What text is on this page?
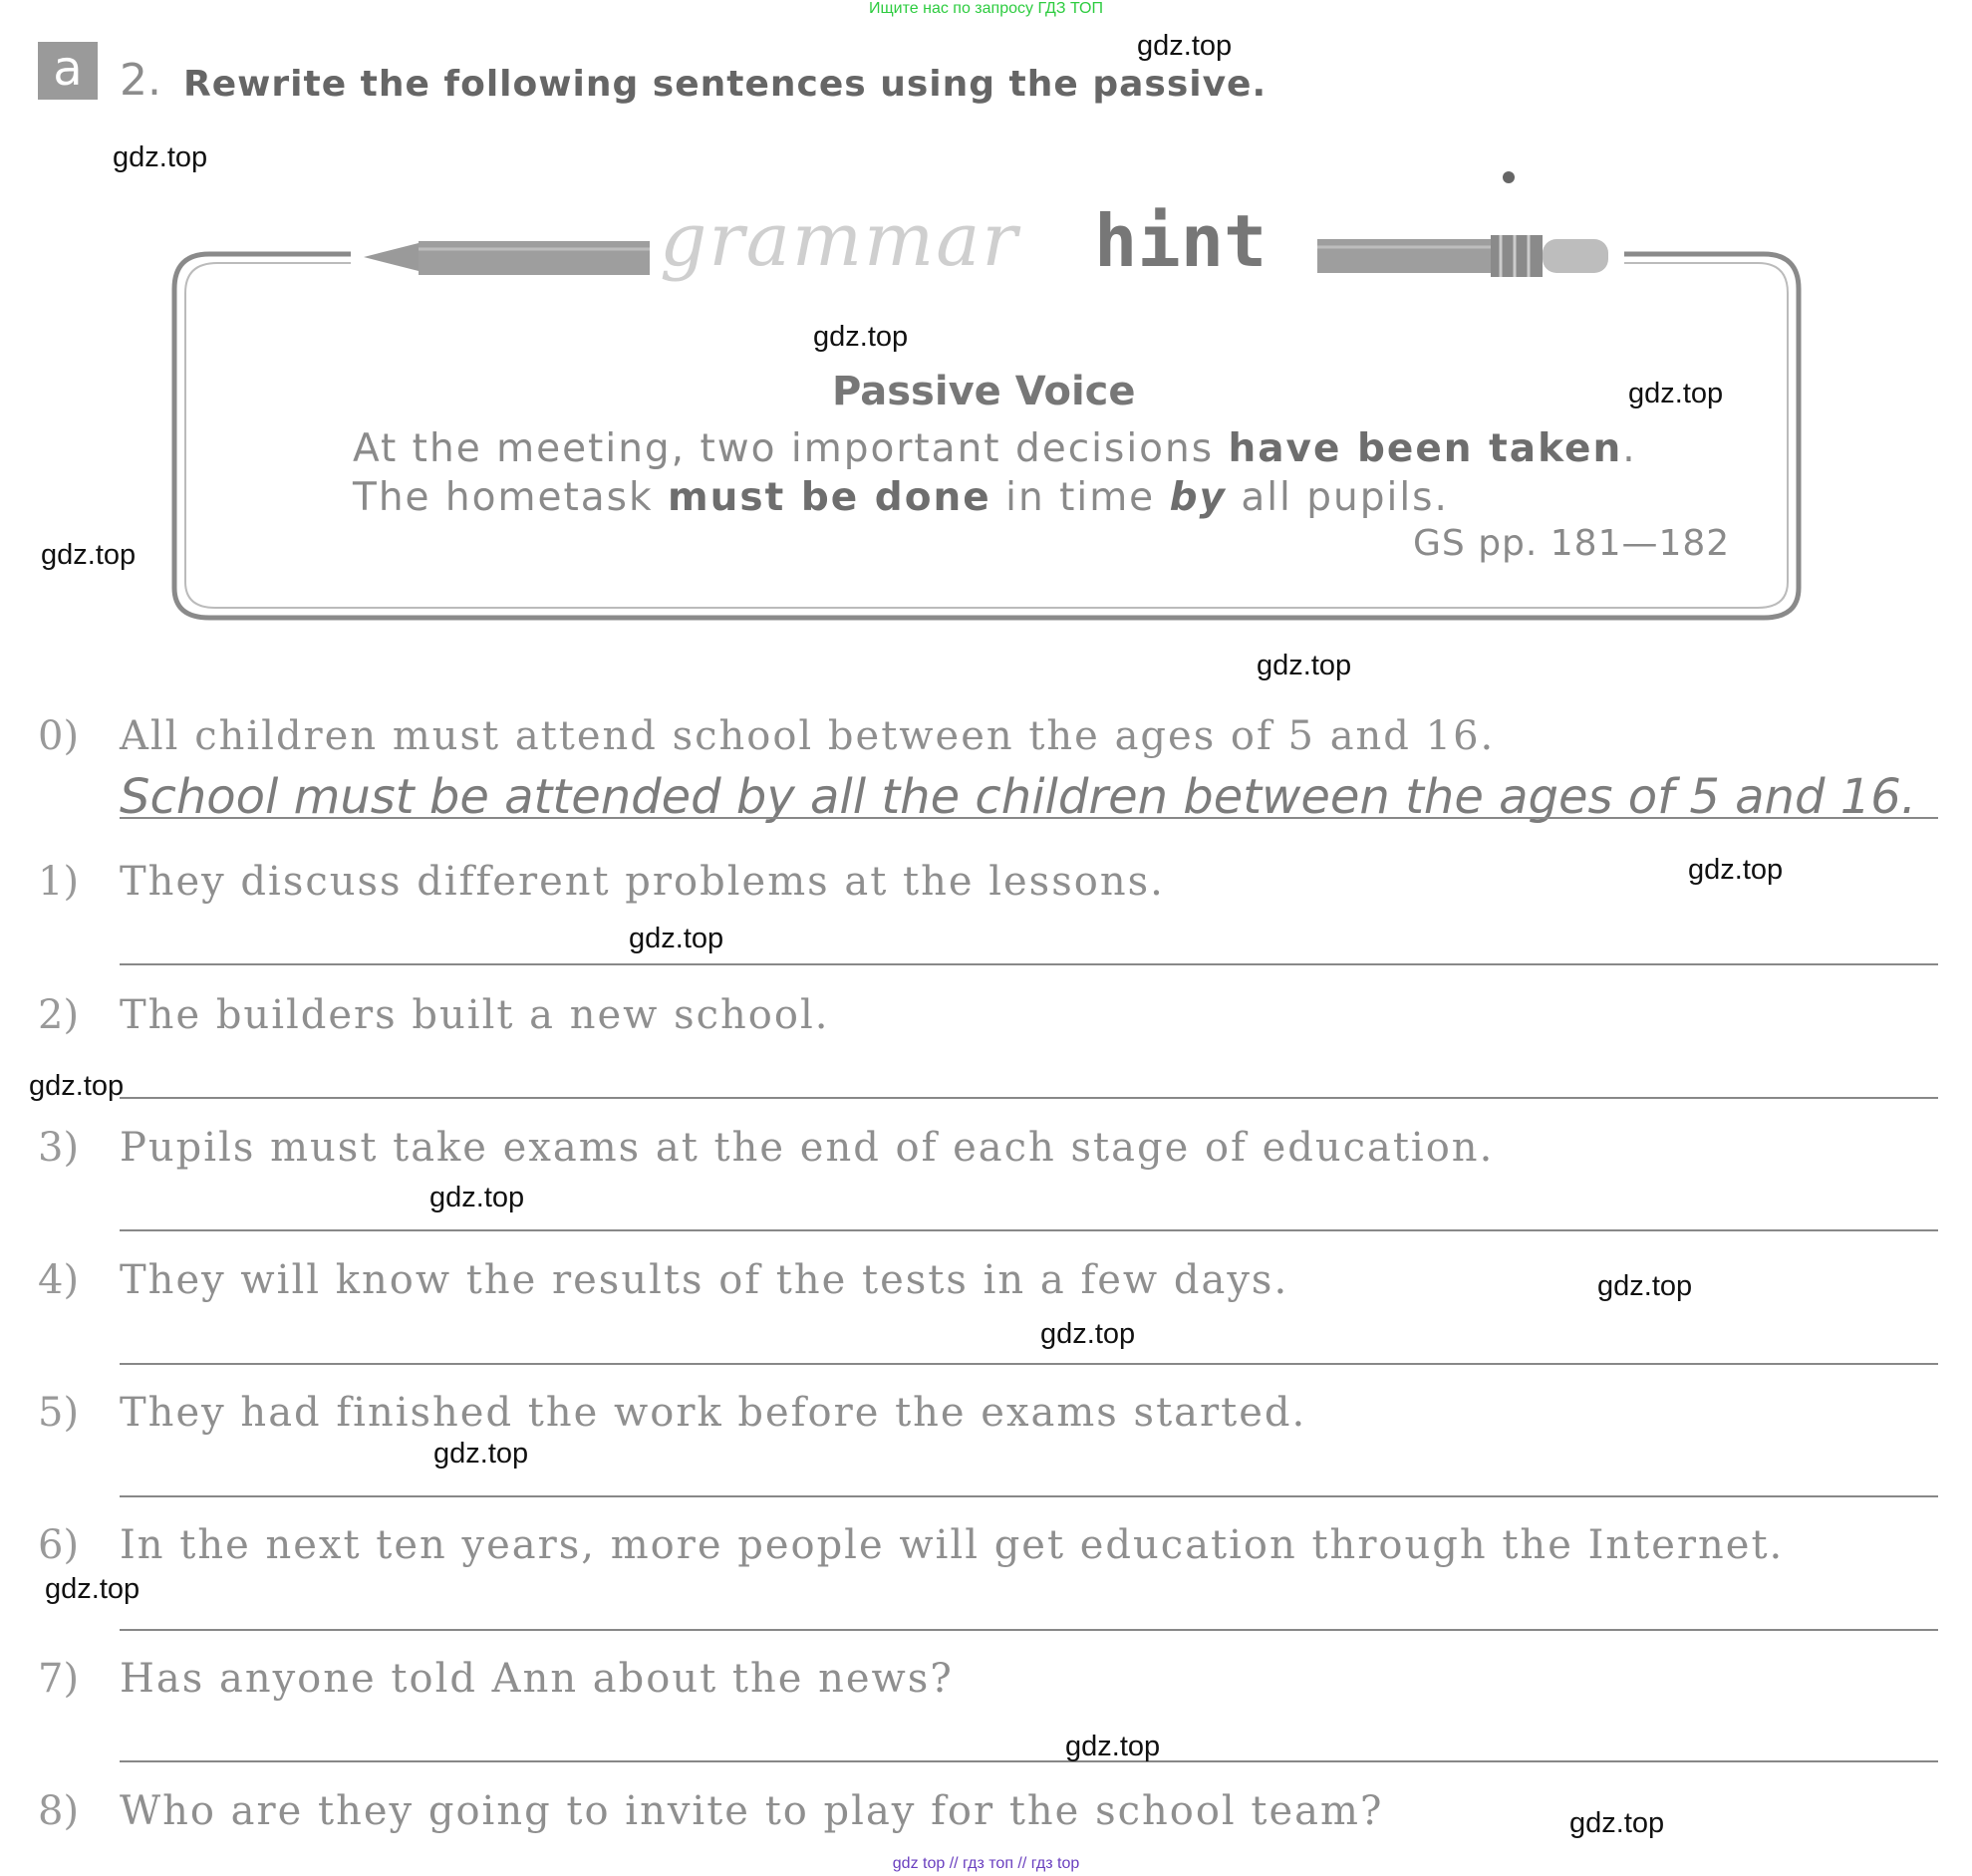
Ищите нас по запросу ГДЗ ТОП
gdz top // гдз топ // гдз top
a 2. Rewrite the following sentences using the passive.
grammar hint
Passive Voice
At the meeting, two important decisions have been taken.
The hometask must be done in time by all pupils.
GS pp. 181—182
0) All children must attend school between the ages of 5 and 16.
School must be attended by all the children between the ages of 5 and 16.
1) They discuss different problems at the lessons.
2) The builders built a new school.
3) Pupils must take exams at the end of each stage of education.
4) They will know the results of the tests in a few days.
5) They had finished the work before the exams started.
6) In the next ten years, more people will get education through the Internet.
7) Has anyone told Ann about the news?
8) Who are they going to invite to play for the school team?
gdz.top
gdz.top
gdz.top
gdz.top
gdz.top
gdz.top
gdz.top
gdz.top
gdz.top
gdz.top
gdz.top
gdz.top
gdz.top
gdz.top
gdz.top
gdz.top
